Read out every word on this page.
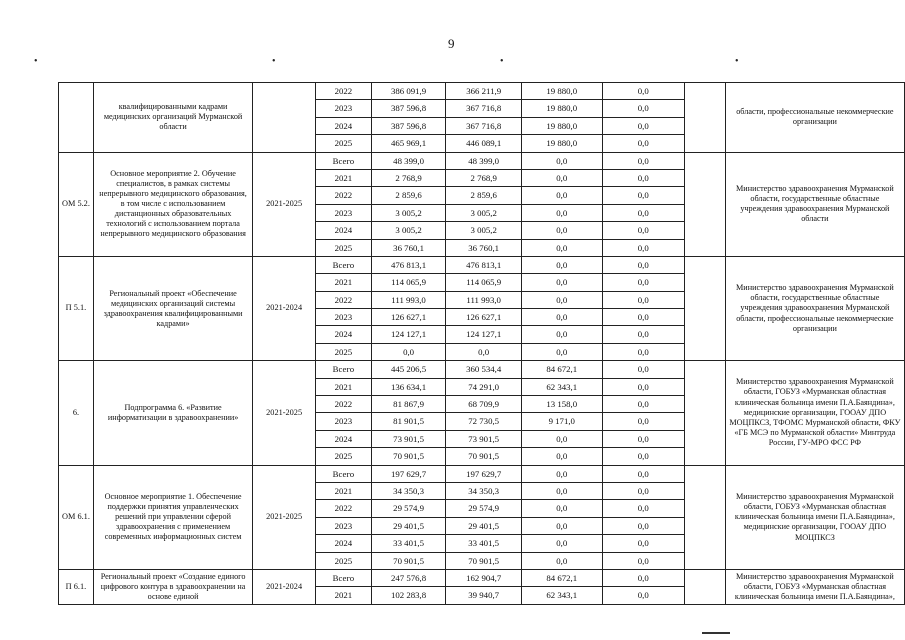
9
•	•	•	•
	квалифицированными кадрами медицинских организаций Мурманской области		2022	386 091,9	366 211,9	19 880,0	0,0		области, профессиональные некоммерческие организации
			2023	387 596,8	367 716,8	19 880,0	0,0		
			2024	387 596,8	367 716,8	19 880,0	0,0		
			2025	465 969,1	446 089,1	19 880,0	0,0		
ОМ 5.2.	Основное мероприятие 2. Обучение специалистов, в рамках системы непрерывного медицинского образования, в том числе с использованием дистанционных образовательных технологий с использованием портала непрерывного медицинского образования	2021-2025	Всего	48 399,0	48 399,0	0,0	0,0		Министерство здравоохранения Мурманской области, государственные областные учреждения здравоохранения Мурманской области
			2021	2 768,9	2 768,9	0,0	0,0		
			2022	2 859,6	2 859,6	0,0	0,0		
			2023	3 005,2	3 005,2	0,0	0,0		
			2024	3 005,2	3 005,2	0,0	0,0		
			2025	36 760,1	36 760,1	0,0	0,0		
П 5.1.	Региональный проект «Обеспечение медицинских организаций системы здравоохранения квалифицированными кадрами»	2021-2024	Всего	476 813,1	476 813,1	0,0	0,0		Министерство здравоохранения Мурманской области, государственные областные учреждения здравоохранения Мурманской области, профессиональные некоммерческие организации
			2021	114 065,9	114 065,9	0,0	0,0		
			2022	111 993,0	111 993,0	0,0	0,0		
			2023	126 627,1	126 627,1	0,0	0,0		
			2024	124 127,1	124 127,1	0,0	0,0		
			2025	0,0	0,0	0,0	0,0		
6.	Подпрограмма 6. «Развитие информатизации в здравоохранении»	2021-2025	Всего	445 206,5	360 534,4	84 672,1	0,0		Министерство здравоохранения Мурманской области, ГОБУЗ «Мурманская областная клиническая больница имени П.А.Баяндина», медицинские организации, ГООАУ ДПО МОЦПКСЗ, ТФОМС Мурманской области, ФКУ «ГБ МСЭ по Мурманской области» Минтруда России, ГУ-МРО ФСС РФ
			2021	136 634,1	74 291,0	62 343,1	0,0		
			2022	81 867,9	68 709,9	13 158,0	0,0		
			2023	81 901,5	72 730,5	9 171,0	0,0		
			2024	73 901,5	73 901,5	0,0	0,0		
			2025	70 901,5	70 901,5	0,0	0,0		
ОМ 6.1.	Основное мероприятие 1. Обеспечение поддержки принятия управленческих решений при управлении сферой здравоохранения с применением современных информационных систем	2021-2025	Всего	197 629,7	197 629,7	0,0	0,0		Министерство здравоохранения Мурманской области, ГОБУЗ «Мурманская областная клиническая больница имени П.А.Баяндина», медицинские организации, ГООАУ ДПО МОЦПКСЗ
			2021	34 350,3	34 350,3	0,0	0,0		
			2022	29 574,9	29 574,9	0,0	0,0		
			2023	29 401,5	29 401,5	0,0	0,0		
			2024	33 401,5	33 401,5	0,0	0,0		
			2025	70 901,5	70 901,5	0,0	0,0		
П 6.1.	Региональный проект «Создание единого цифрового контура в здравоохранении на основе единой	2021-2024	Всего	247 576,8	162 904,7	84 672,1	0,0		Министерство здравоохранения Мурманской области, ГОБУЗ «Мурманская областная клиническая больница имени П.А.Баяндина»,
			2021	102 283,8	39 940,7	62 343,1	0,0		
